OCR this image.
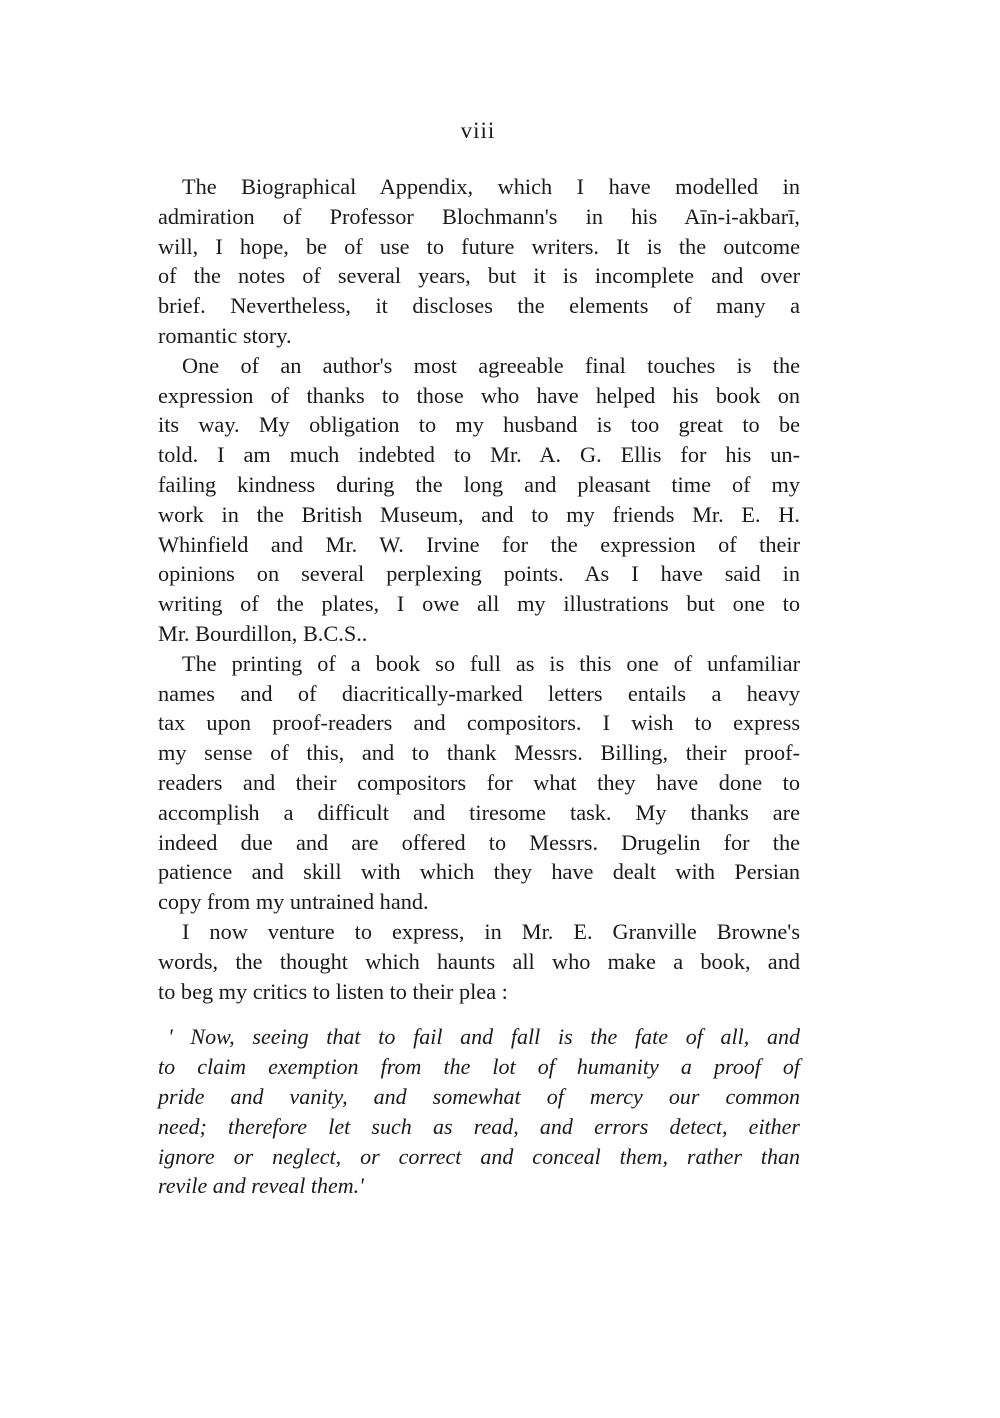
viii
The Biographical Appendix, which I have modelled in
admiration of Professor Blochmann's in his Aīn-i-akbarī,
will, I hope, be of use to future writers. It is the outcome
of the notes of several years, but it is incomplete and over
brief. Nevertheless, it discloses the elements of many a
romantic story.
One of an author's most agreeable final touches is the
expression of thanks to those who have helped his book on
its way. My obligation to my husband is too great to be
told. I am much indebted to Mr. A. G. Ellis for his un-
failing kindness during the long and pleasant time of my
work in the British Museum, and to my friends Mr. E. H.
Whinfield and Mr. W. Irvine for the expression of their
opinions on several perplexing points. As I have said in
writing of the plates, I owe all my illustrations but one to
Mr. Bourdillon, B.C.S..
The printing of a book so full as is this one of unfamiliar
names and of diacritically-marked letters entails a heavy
tax upon proof-readers and compositors. I wish to express
my sense of this, and to thank Messrs. Billing, their proof-
readers and their compositors for what they have done to
accomplish a difficult and tiresome task. My thanks are
indeed due and are offered to Messrs. Drugelin for the
patience and skill with which they have dealt with Persian
copy from my untrained hand.
I now venture to express, in Mr. E. Granville Browne's
words, the thought which haunts all who make a book, and
to beg my critics to listen to their plea :
' Now, seeing that to fail and fall is the fate of all, and
to claim exemption from the lot of humanity a proof of
pride and vanity, and somewhat of mercy our common
need; therefore let such as read, and errors detect, either
ignore or neglect, or correct and conceal them, rather than
revile and reveal them.'
